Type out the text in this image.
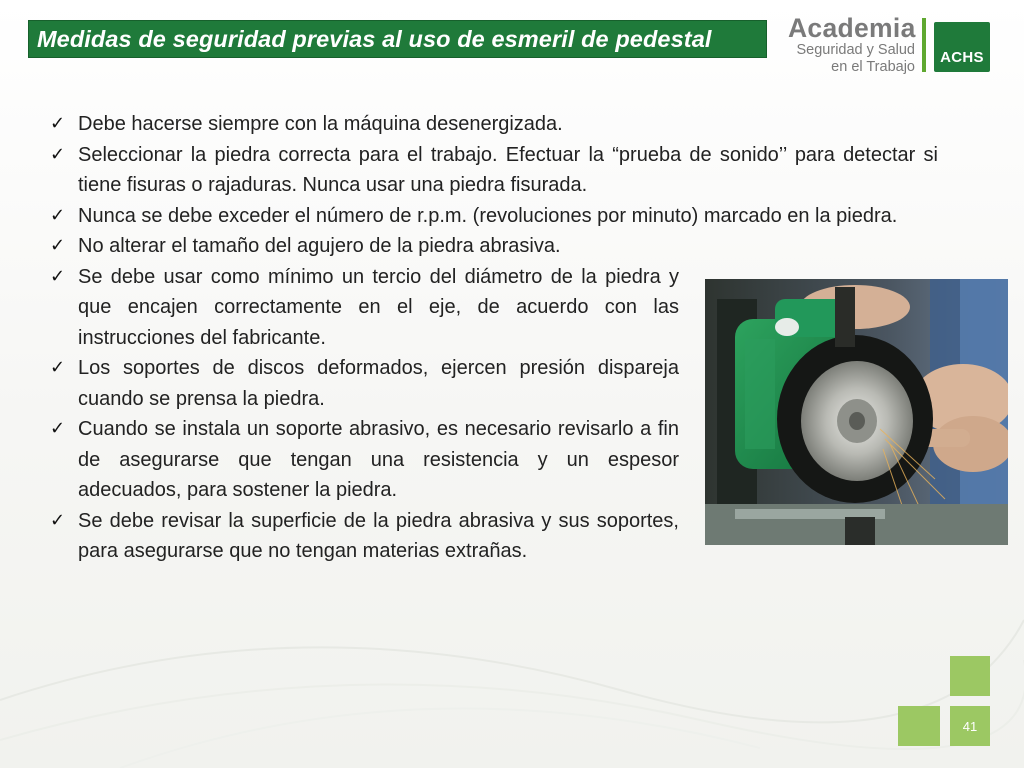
Medidas de seguridad previas al uso de esmeril de pedestal	Academia
Seguridad y Salud
en el Trabajo
ACHS
✓ Debe hacerse siempre con la máquina desenergizada.
✓ Seleccionar la piedra correcta para el trabajo. Efectuar la “prueba de sonido’’ para detectar si tiene fisuras o rajaduras. Nunca usar una piedra fisurada.
✓ Nunca se debe exceder el número de r.p.m. (revoluciones por minuto) marcado en la piedra.
✓ No alterar el tamaño del agujero de la piedra abrasiva.
✓ Se debe usar como mínimo un tercio del diámetro de la piedra y que encajen correctamente en el eje, de acuerdo con las instrucciones del fabricante.
✓ Los soportes de discos deformados, ejercen presión dispareja cuando se prensa la piedra.
✓ Cuando se instala un soporte abrasivo, es necesario revisarlo a fin de asegurarse que tengan una resistencia y un espesor adecuados, para sostener la piedra.
✓ Se debe revisar la superficie de la piedra abrasiva y sus soportes, para asegurarse que no tengan materias extrañas.
41
